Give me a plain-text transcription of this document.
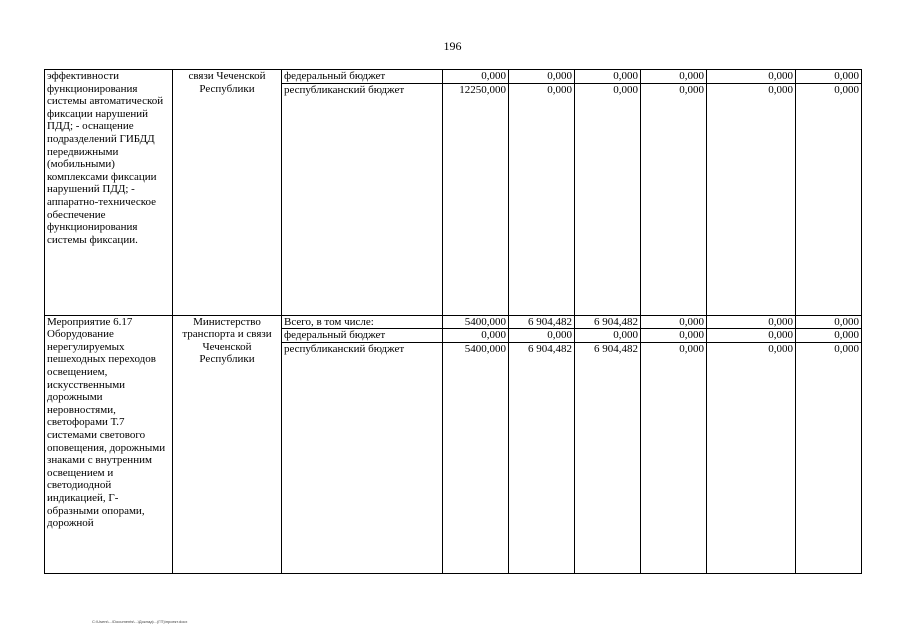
196
эффективности функционирования системы автоматической фиксации нарушений ПДД; - оснащение подразделений ГИБДД передвижными (мобильными) комплексами фиксации нарушений ПДД; - аппаратно-техническое обеспечение функционирования системы фиксации.	связи Чеченской Республики	федеральный бюджет	0,000	0,000	0,000	0,000	0,000	0,000
		республиканский бюджет	12250,000	0,000	0,000	0,000	0,000	0,000
Мероприятие 6.17 Оборудование нерегулируемых пешеходных переходов освещением, искусственными дорожными неровностями, светофорами Т.7 системами светового оповещения, дорожными знаками с внутренним освещением и светодиодной индикацией, Г-образными опорами, дорожной	Министерство транспорта и связи Чеченской Республики	Всего, в том числе:	5400,000	6 904,482	6 904,482	0,000	0,000	0,000
		федеральный бюджет	0,000	0,000	0,000	0,000	0,000	0,000
		республиканский бюджет	5400,000	6 904,482	6 904,482	0,000	0,000	0,000
C:\Users\...\Documents\...\Доклад\...(ГП)\проект.docx
